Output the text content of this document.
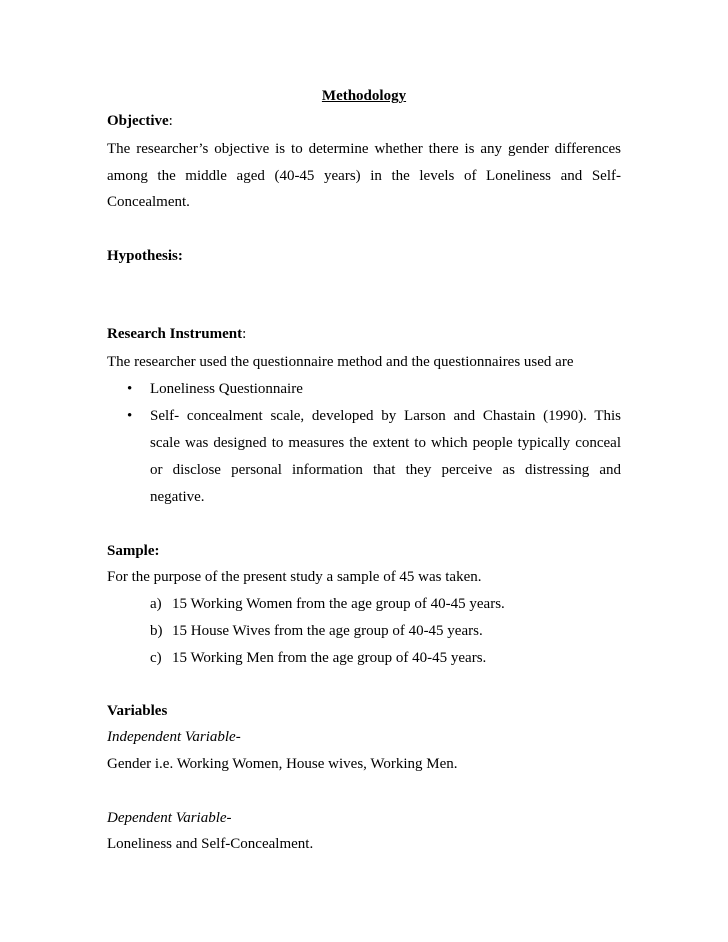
Methodology
Objective:
The researcher’s objective is to determine whether there is any gender differences
among the middle aged (40-45 years) in the levels of Loneliness and Self-
Concealment.
Hypothesis:
Research Instrument:
The researcher used the questionnaire method and the questionnaires used are
• Loneliness Questionnaire
• Self- concealment scale, developed by Larson and Chastain (1990). This
scale was designed to measures the extent to which people typically conceal
or disclose personal information that they perceive as distressing and
negative.
Sample:
For the purpose of the present study a sample of 45 was taken.
a) 15 Working Women from the age group of 40-45 years.
b) 15 House Wives from the age group of 40-45 years.
c) 15 Working Men from the age group of 40-45 years.
Variables
Independent Variable-
Gender i.e. Working Women, House wives, Working Men.
Dependent Variable-
Loneliness and Self-Concealment.
